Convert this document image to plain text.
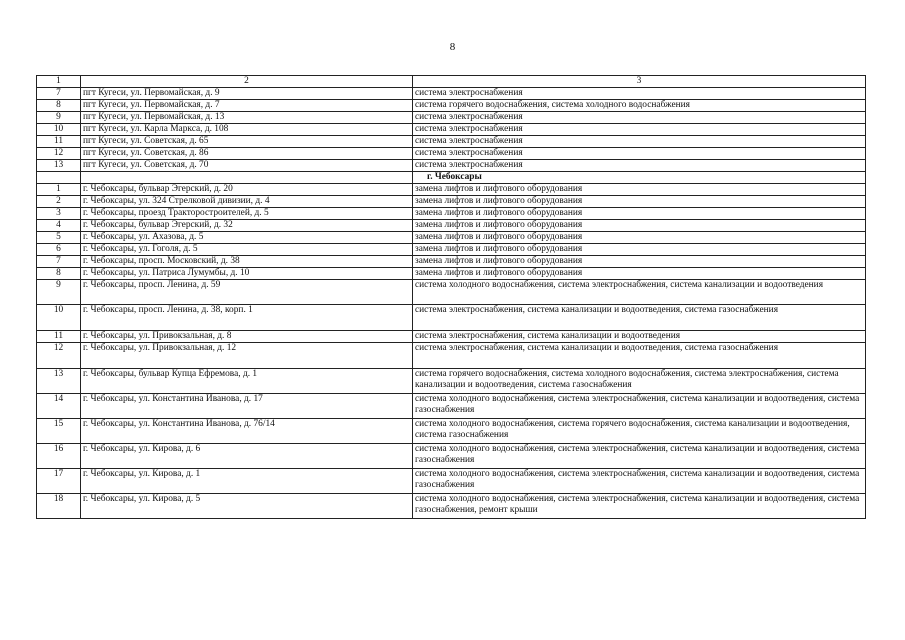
8
1	2	3
7	пгт Кугеси, ул. Первомайская, д. 9	система электроснабжения
8	пгт Кугеси, ул. Первомайская, д. 7	система горячего водоснабжения, система холодного водоснабжения
9	пгт Кугеси, ул. Первомайская, д. 13	система электроснабжения
10	пгт Кугеси, ул. Карла Маркса, д. 108	система электроснабжения
11	пгт Кугеси, ул. Советская, д. 65	система электроснабжения
12	пгт Кугеси, ул. Советская, д. 86	система электроснабжения
13	пгт Кугеси, ул. Советская, д. 70	система электроснабжения
		г. Чебоксары
1	г. Чебоксары, бульвар Эгерский, д. 20	замена лифтов и лифтового оборудования
2	г. Чебоксары, ул. 324 Стрелковой дивизии, д. 4	замена лифтов и лифтового оборудования
3	г. Чебоксары, проезд Тракторостроителей, д. 5	замена лифтов и лифтового оборудования
4	г. Чебоксары, бульвар Эгерский, д. 32	замена лифтов и лифтового оборудования
5	г. Чебоксары, ул. Ахазова, д. 5	замена лифтов и лифтового оборудования
6	г. Чебоксары, ул. Гоголя, д. 5	замена лифтов и лифтового оборудования
7	г. Чебоксары, просп. Московский, д. 38	замена лифтов и лифтового оборудования
8	г. Чебоксары, ул. Патриса Лумумбы, д. 10	замена лифтов и лифтового оборудования
9	г. Чебоксары, просп. Ленина, д. 59	система холодного водоснабжения, система электроснабжения, система канализации и водоотведения
10	г. Чебоксары, просп. Ленина, д. 38, корп. 1	система электроснабжения, система канализации и водоотведения, система газоснабжения
11	г. Чебоксары, ул. Привокзальная, д. 8	система электроснабжения, система канализации и водоотведения
12	г. Чебоксары, ул. Привокзальная, д. 12	система электроснабжения, система канализации и водоотведения, система газоснабжения
13	г. Чебоксары, бульвар Купца Ефремова, д. 1	система горячего водоснабжения, система холодного водоснабжения, система электроснабжения, система канализации и водоотведения, система газоснабжения
14	г. Чебоксары, ул. Константина Иванова, д. 17	система холодного водоснабжения, система электроснабжения, система канализации и водоотведения, система газоснабжения
15	г. Чебоксары, ул. Константина Иванова, д. 76/14	система холодного водоснабжения, система горячего водоснабжения, система канализации и водоотведения, система газоснабжения
16	г. Чебоксары, ул. Кирова, д. 6	система холодного водоснабжения, система электроснабжения, система канализации и водоотведения, система газоснабжения
17	г. Чебоксары, ул. Кирова, д. 1	система холодного водоснабжения, система электроснабжения, система канализации и водоотведения, система газоснабжения
18	г. Чебоксары, ул. Кирова, д. 5	система холодного водоснабжения, система электроснабжения, система канализации и водоотведения, система газоснабжения, ремонт крыши
